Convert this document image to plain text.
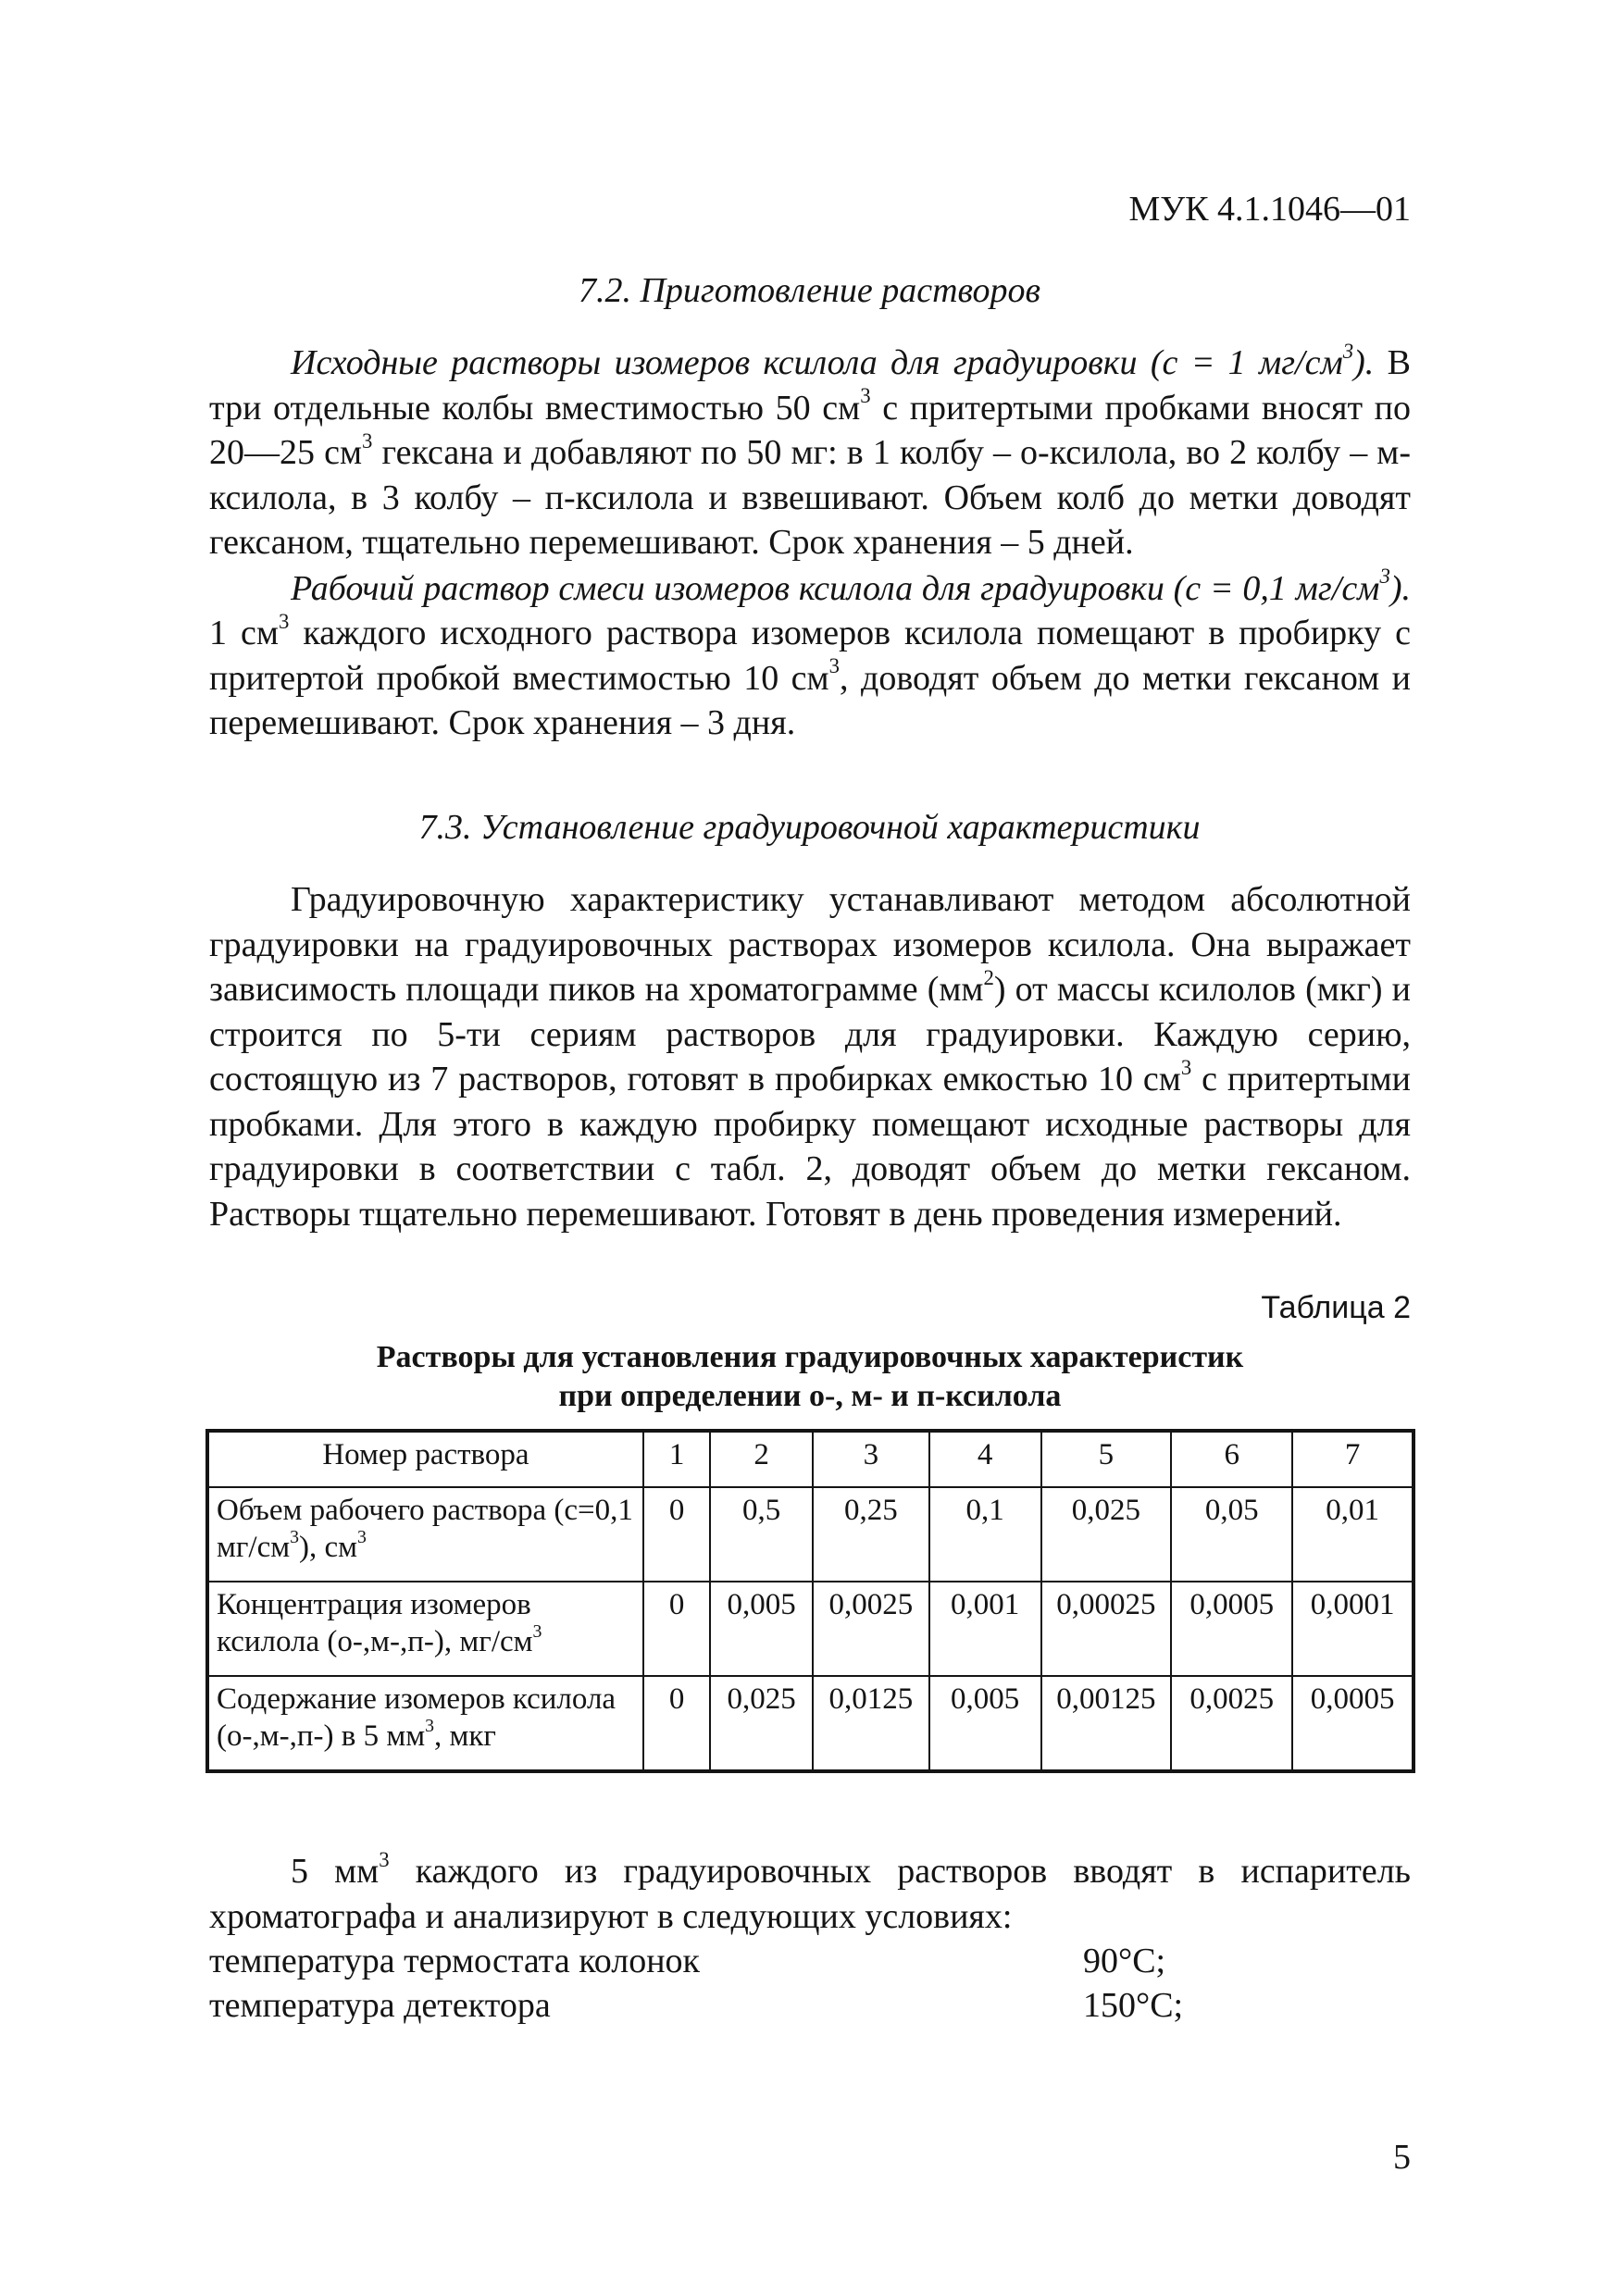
МУК 4.1.1046—01
7.2. Приготовление растворов

Исходные растворы изомеров ксилола для градуировки (с = 1 $мг/см^3$). В три отдельные колбы вместимостью 50 $см^3$ с притертыми пробками вносят по 20—25 $см^3$ гексана и добавляют по 50 мг: в 1 колбу – о-ксилола, во 2 колбу – м-ксилола, в 3 колбу – п-ксилола и взвешивают. Объем колб до метки доводят гексаном, тщательно перемешивают. Срок хранения – 5 дней.

Рабочий раствор смеси изомеров ксилола для градуировки (с = 0,1 $мг/см^3$). 1 $см^3$ каждого исходного раствора изомеров ксилола помещают в пробирку с притертой пробкой вместимостью 10 $см^3$, доводят объем до метки гексаном и перемешивают. Срок хранения – 3 дня.

7.3. Установление градуировочной характеристики

Градуировочную характеристику устанавливают методом абсолютной градуировки на градуировочных растворах изомеров ксилола. Она выражает зависимость площади пиков на хроматограмме $(мм^2)$ от массы ксилолов (мкг) и строится по 5-ти сериям растворов для градуировки. Каждую серию, состоящую из 7 растворов, готовят в пробирках емкостью 10 $см^3$ с притертыми пробками. Для этого в каждую пробирку помещают исходные растворы для градуировки в соответствии с табл. 2, доводят объем до метки гексаном. Растворы тщательно перемешивают. Готовят в день проведения измерений.

Таблица 2
Растворы для установления градуировочных характеристик
при определении о-, м- и п-ксилола
Номер раствора	1	2	3	4	5	6	7
Объем рабочего раствора (с=0,1 $мг/см^3$), $см^3$	0	0,5	0,25	0,1	0,025	0,05	0,01
Концентрация изомеров ксилола (о-,м-,п-), $мг/см^3$	0	0,005	0,0025	0,001	0,00025	0,0005	0,0001
Содержание изомеров ксилола (о-,м-,п-) в 5 $мм^3$, мкг	0	0,025	0,0125	0,005	0,00125	0,0025	0,0005

5 $мм^3$ каждого из градуировочных растворов вводят в испаритель хроматографа и анализируют в следующих условиях:

температура термостата колонок	90°С;
температура детектора	150°С;
5
